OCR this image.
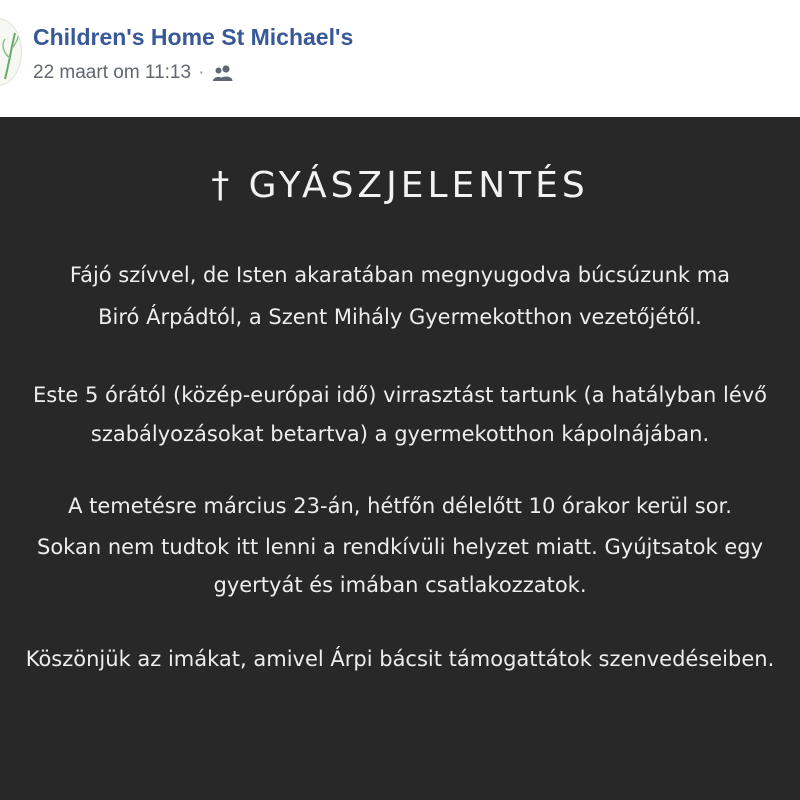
Children's Home St Michael's
22 maart om 11:13 ·
† GYÁSZJELENTÉS
Fájó szívvel, de Isten akaratában megnyugodva búcsúzunk ma
Biró Árpádtól, a Szent Mihály Gyermekotthon vezetőjétől.
Este 5 órától (közép-európai idő) virrasztást tartunk (a hatályban lévő
szabályozásokat betartva) a gyermekotthon kápolnájában.
A temetésre március 23-án, hétfőn délelőtt 10 órakor kerül sor.
Sokan nem tudtok itt lenni a rendkívüli helyzet miatt. Gyújtsatok egy
gyertyát és imában csatlakozzatok.
Köszönjük az imákat, amivel Árpi bácsit támogattátok szenvedéseiben.
